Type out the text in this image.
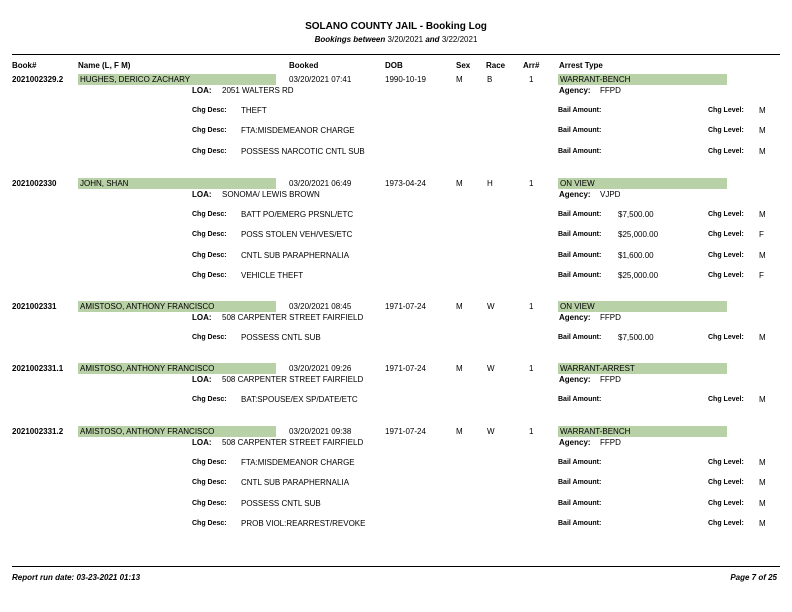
SOLANO COUNTY JAIL - Booking Log
Bookings between 3/20/2021 and 3/22/2021
Book#	Name (L, F M)	Booked	DOB	Sex Race Arr# Arrest Type
2021002329.2 HUGHES, DERICO ZACHARY	03/20/2021 07:41	1990-10-19	M	B	1	WARRANT-BENCH
LOA: 2051 WALTERS RD	Agency: FFPD
Chg Desc: THEFT	Bail Amount:	Chg Level: M
Chg Desc: FTA:MISDEMEANOR CHARGE	Bail Amount:	Chg Level: M
Chg Desc: POSSESS NARCOTIC CNTL SUB	Bail Amount:	Chg Level: M
2021002330	JOHN, SHAN	03/20/2021 06:49	1973-04-24	M	H	1	ON VIEW
LOA: SONOMA/ LEWIS BROWN	Agency: VJPD
Chg Desc: BATT PO/EMERG PRSNL/ETC	Bail Amount: $7,500.00	Chg Level: M
Chg Desc: POSS STOLEN VEH/VES/ETC	Bail Amount: $25,000.00	Chg Level: F
Chg Desc: CNTL SUB PARAPHERNALIA	Bail Amount: $1,600.00	Chg Level: M
Chg Desc: VEHICLE THEFT	Bail Amount: $25,000.00	Chg Level: F
2021002331	AMISTOSO, ANTHONY FRANCISCO	03/20/2021 08:45	1971-07-24	M	W	1	ON VIEW
LOA: 508 CARPENTER STREET FAIRFIELD	Agency: FFPD
Chg Desc: POSSESS CNTL SUB	Bail Amount: $7,500.00	Chg Level: M
2021002331.1 AMISTOSO, ANTHONY FRANCISCO	03/20/2021 09:26	1971-07-24	M	W	1	WARRANT-ARREST
LOA: 508 CARPENTER STREET FAIRFIELD	Agency: FFPD
Chg Desc: BAT:SPOUSE/EX SP/DATE/ETC	Bail Amount:	Chg Level: M
2021002331.2 AMISTOSO, ANTHONY FRANCISCO	03/20/2021 09:38	1971-07-24	M	W	1	WARRANT-BENCH
LOA: 508 CARPENTER STREET FAIRFIELD	Agency: FFPD
Chg Desc: FTA:MISDEMEANOR CHARGE	Bail Amount:	Chg Level: M
Chg Desc: CNTL SUB PARAPHERNALIA	Bail Amount:	Chg Level: M
Chg Desc: POSSESS CNTL SUB	Bail Amount:	Chg Level: M
Chg Desc: PROB VIOL:REARREST/REVOKE	Bail Amount:	Chg Level: M
Report run date: 03-23-2021 01:13	Page 7 of 25
